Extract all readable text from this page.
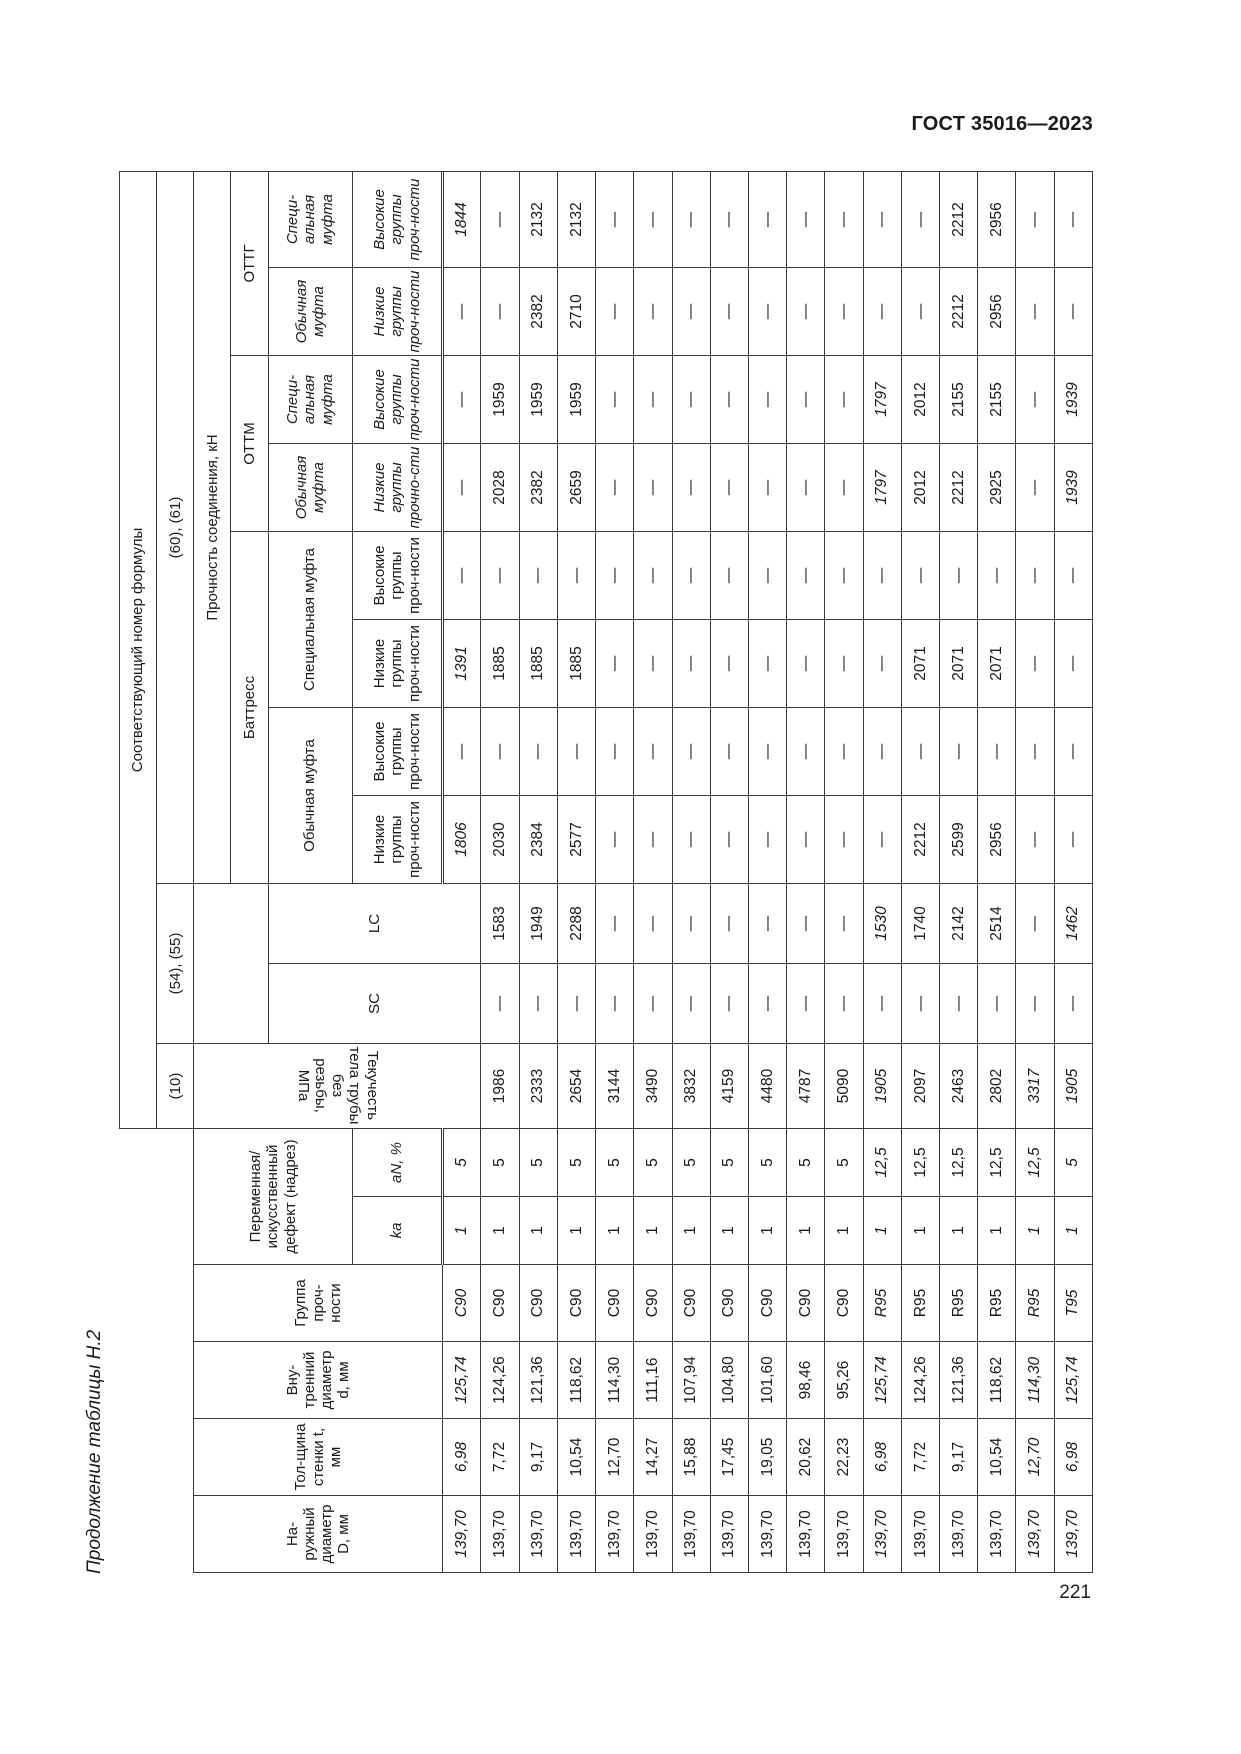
ГОСТ 35016—2023
Продолжение таблицы Н.2
						Соответствующий номер формулы											
						(10)	(54), (55)		(60), (61)								
На-ружный диаметр D, мм	Тол-щина стенки t, мм	Вну-тренний диаметр d, мм	Группа проч-ности	Переменная/ искусственный дефект (надрез)		Текучесть тела трубы без резьбы, МПа			Прочность соединения, кН								
									Баттресс				ОТТМ		ОТТГ		
							SC	LC	Обычная муфта		Специальная муфта		Обычная муфта	Специ-альная муфта	Обычная муфта	Специ-альная муфта	
				ka	aN, %				Низкие группы проч-ности	Высокие группы проч-ности	Низкие группы проч-ности	Высокие группы проч-ности	Низкие группы прочно-сти	Высокие группы проч-ности	Низкие группы проч-ности	Высокие группы проч-ности	
139,70	6,98	125,74	C90	1	5				1806	—	1391	—	—	—	—	1844			
139,70	7,72	124,26	C90	1	5	1986	—	1583	2030	—	1885	—	2028	1959	—	—	
139,70	9,17	121,36	C90	1	5	2333	—	1949	2384	—	1885	—	2382	1959	2382	2132	
139,70	10,54	118,62	C90	1	5	2654	—	2288	2577	—	1885	—	2659	1959	2710	2132	
139,70	12,70	114,30	C90	1	5	3144	—	—	—	—	—	—	—	—	—	—	
139,70	14,27	111,16	C90	1	5	3490	—	—	—	—	—	—	—	—	—	—	
139,70	15,88	107,94	C90	1	5	3832	—	—	—	—	—	—	—	—	—	—	
139,70	17,45	104,80	C90	1	5	4159	—	—	—	—	—	—	—	—	—	—	
139,70	19,05	101,60	C90	1	5	4480	—	—	—	—	—	—	—	—	—	—	
139,70	20,62	98,46	C90	1	5	4787	—	—	—	—	—	—	—	—	—	—	
139,70	22,23	95,26	C90	1	5	5090	—	—	—	—	—	—	—	—	—	—	
139,70	6,98	125,74	R95	1	12,5	1905	—	1530	—	—	—	—	1797	1797	—	—	
139,70	7,72	124,26	R95	1	12,5	2097	—	1740	2212	—	2071	—	2012	2012	—	—	
139,70	9,17	121,36	R95	1	12,5	2463	—	2142	2599	—	2071	—	2212	2155	2212	2212	
139,70	10,54	118,62	R95	1	12,5	2802	—	2514	2956	—	2071	—	2925	2155	2956	2956	
139,70	12,70	114,30	R95	1	12,5	3317	—	—	—	—	—	—	—	—	—	—	
139,70	6,98	125,74	T95	1	5	1905	—	1462	—	—	—	—	1939	1939	—	—	
221
